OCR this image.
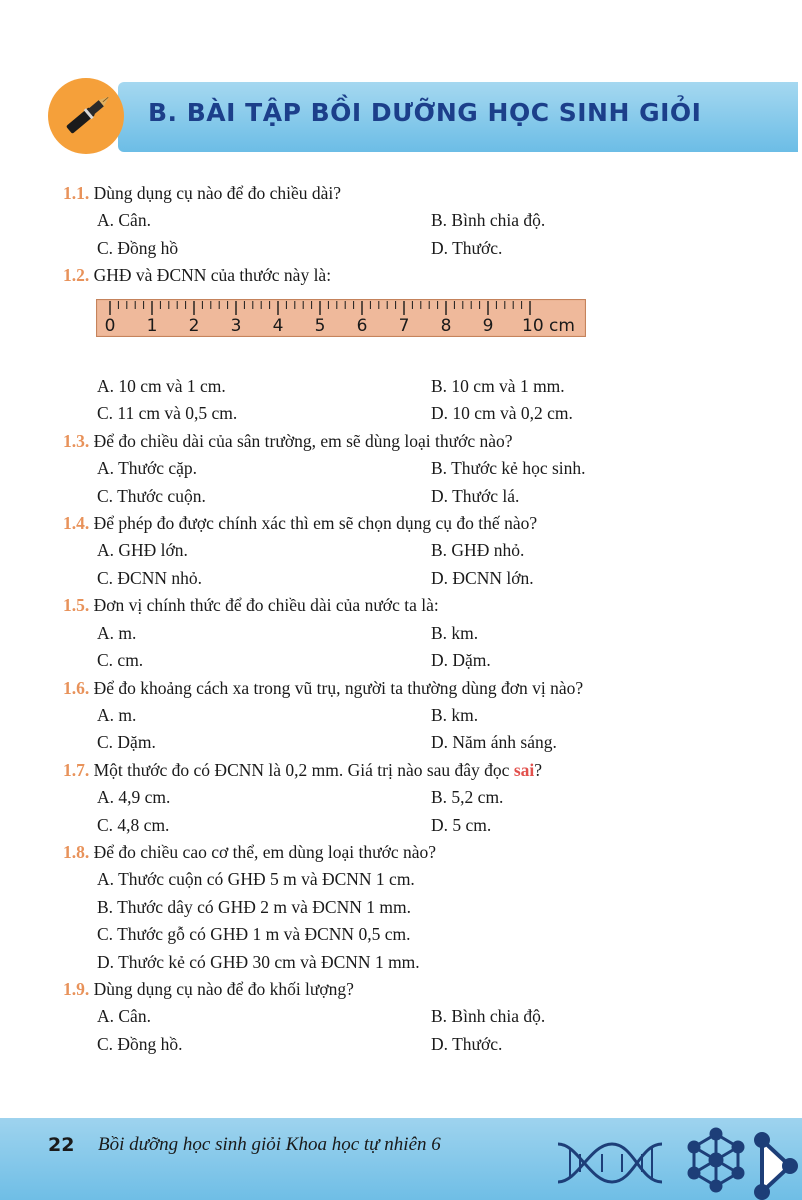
B. BÀI TẬP BỒI DƯỠNG HỌC SINH GIỎI
1.1. Dùng dụng cụ nào để đo chiều dài?
A. Cân.	B. Bình chia độ.
C. Đồng hồ	D. Thước.
1.2. GHĐ và ĐCNN của thước này là:
0 1 2 3 4 5 6 7 8 9 10 cm
A. 10 cm và 1 cm.	B. 10 cm và 1 mm.
C. 11 cm và 0,5 cm.	D. 10 cm và 0,2 cm.
1.3. Để đo chiều dài của sân trường, em sẽ dùng loại thước nào?
A. Thước cặp.	B. Thước kẻ học sinh.
C. Thước cuộn.	D. Thước lá.
1.4. Để phép đo được chính xác thì em sẽ chọn dụng cụ đo thế nào?
A. GHĐ lớn.	B. GHĐ nhỏ.
C. ĐCNN nhỏ.	D. ĐCNN lớn.
1.5. Đơn vị chính thức để đo chiều dài của nước ta là:
A. m.	B. km.
C. cm.	D. Dặm.
1.6. Để đo khoảng cách xa trong vũ trụ, người ta thường dùng đơn vị nào?
A. m.	B. km.
C. Dặm.	D. Năm ánh sáng.
1.7. Một thước đo có ĐCNN là 0,2 mm. Giá trị nào sau đây đọc sai?
A. 4,9 cm.	B. 5,2 cm.
C. 4,8 cm.	D. 5 cm.
1.8. Để đo chiều cao cơ thể, em dùng loại thước nào?
A. Thước cuộn có GHĐ 5 m và ĐCNN 1 cm.
B. Thước dây có GHĐ 2 m và ĐCNN 1 mm.
C. Thước gỗ có GHĐ 1 m và ĐCNN 0,5 cm.
D. Thước kẻ có GHĐ 30 cm và ĐCNN 1 mm.
1.9. Dùng dụng cụ nào để đo khối lượng?
A. Cân.	B. Bình chia độ.
C. Đồng hồ.	D. Thước.
22 Bồi dưỡng học sinh giỏi Khoa học tự nhiên 6
